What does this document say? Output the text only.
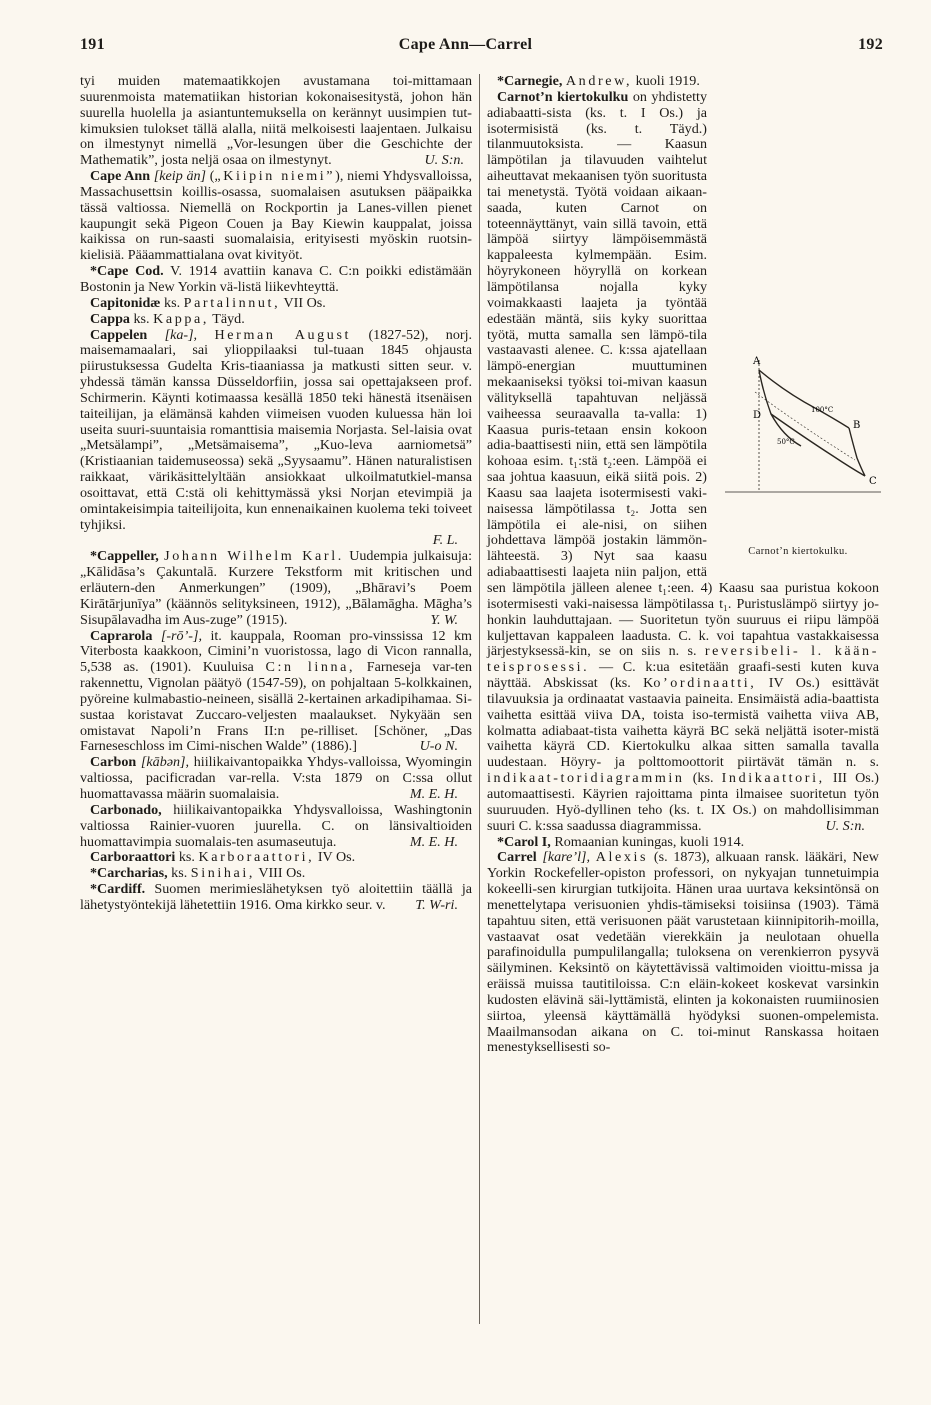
191	Cape Ann—Carrel	192

tyi muiden matemaatikkojen avustamana toi-mittamaan suurenmoista matematiikan historian kokonaisesitystä, johon hän suurella huolella ja asiantuntemuksella on kerännyt uusimpien tut-kimuksien tulokset tällä alalla, niitä melkoisesti laajentaen. Julkaisu on ilmestynyt nimellä „Vor-lesungen über die Geschichte der Mathematik”, josta neljä osaa on ilmestynyt.	U. S:n.

Cape Ann [keip än] („Kiipin niemi”), niemi Yhdysvalloissa, Massachusettsin koillis-osassa, suomalaisen asutuksen pääpaikka tässä valtiossa. Niemellä on Rockportin ja Lanes-villen pienet kaupungit sekä Pigeon Couen ja Bay Kiewin kauppalat, joissa kaikissa on run-saasti suomalaisia, erityisesti myöskin ruotsin-kielisiä. Pääammattialana ovat kivityöt.

*Cape Cod. V. 1914 avattiin kanava C. C:n poikki edistämään Bostonin ja New Yorkin vä-listä liikevhteyttä.

Capitonidæ ks. Partalinnut, VII Os.

Cappa ks. Kappa, Täyd.

Cappelen [ka-], Herman August (1827-52), norj. maisemamaalari, sai ylioppilaaksi tul-tuaan 1845 ohjausta piirustuksessa Gudelta Kris-tiaaniassa ja matkusti sitten seur. v. yhdessä tämän kanssa Düsseldorfiin, jossa sai opettajakseen prof. Schirmerin. Käynti kotimaassa kesällä 1850 teki hänestä itsenäisen taiteilijan, ja elämänsä kahden viimeisen vuoden kuluessa hän loi useita suuri-suuntaisia romanttisia maisemia Norjasta. Sel-laisia ovat „Metsälampi”, „Metsämaisema”, „Kuo-leva aarniometsä” (Kristiaanian taidemuseossa) sekä „Syysaamu”. Hänen naturalistisen raikkaat, värikäsittelyltään ansiokkaat ulkoilmatutkiel-mansa osoittavat, että C:stä oli kehittymässä yksi Norjan etevimpiä ja omintakeisimpia taiteilijoita, kun ennenaikainen kuolema teki toiveet tyhjiksi.

F. L.

*Cappeller, Johann Wilhelm Karl. Uudempia julkaisuja: „Kālidāsa’s Çakuntalā. Kurzere Tekstform mit kritischen und erläutern-den Anmerkungen” (1909), „Bhāravi’s Poem Kirātārjunīya” (käännös selityksineen, 1912), „Bālamāgha. Māgha’s Sisupālavadha im Aus-zuge” (1915).	Y. W.

Caprarola [-rō’-], it. kauppala, Rooman pro-vinssissa 12 km Viterbosta kaakkoon, Cimini’n vuoristossa, lago di Vicon rannalla, 5,538 as. (1901). Kuuluisa C:n linna, Farneseja var-ten rakennettu, Vignolan päätyö (1547-59), on pohjaltaan 5-kolkkainen, pyöreine kulmabastio-neineen, sisällä 2-kertainen arkadipihamaa. Si-sustaa koristavat Zuccaro-veljesten maalaukset. Nykyään sen omistavat Napoli’n Frans II:n pe-rilliset. [Schöner, „Das Farneseschloss im Cimi-nischen Walde” (1886).]	U-o N.

Carbon [kābən], hiilikaivantopaikka Yhdys-valloissa, Wyomingin valtiossa, pacificradan var-rella. V:sta 1879 on C:ssa ollut huomattavassa määrin suomalaisia.	M. E. H.

Carbonado, hiilikaivantopaikka Yhdysvalloissa, Washingtonin valtiossa Rainier-vuoren juurella. C. on länsivaltioiden huomattavimpia suomalais-ten asumaseutuja.	M. E. H.

Carboraattori ks. Karboraattori, IV Os.

*Carcharias, ks. Sinihai, VIII Os.

*Cardiff. Suomen merimieslähetyksen työ aloitettiin täällä ja lähetystyöntekijä lähetettiin 1916. Oma kirkko seur. v.	T. W-ri.

*Carnegie, Andrew, kuoli 1919.

A
B
C
D	100°C
50°C
Carnot’n kiertokulku.

Carnot’n kiertokulku on yhdistetty adiabaatti-sista (ks. t. I Os.) ja isotermisistä (ks. t. Täyd.) tilanmuutoksista. — Kaasun lämpötilan ja tilavuuden vaihtelut aiheuttavat mekaanisen työn suoritusta tai menetystä. Työtä voidaan aikaan-saada, kuten Carnot on toteennäyttänyt, vain sillä tavoin, että lämpöä siirtyy lämpöisemmästä kappaleesta kylmempään. Esim. höyrykoneen höyryllä on korkean lämpötilansa nojalla kyky voimakkaasti laajeta ja työntää edestään mäntä, siis kyky suorittaa työtä, mutta samalla sen lämpö-tila vastaavasti alenee. C. k:ssa ajatellaan lämpö-energian muuttuminen mekaaniseksi työksi toi-mivan kaasun välityksellä tapahtuvan neljässä vaiheessa seuraavalla ta-valla: 1) Kaasua puris-tetaan ensin kokoon adia-baattisesti niin, että sen lämpötila kohoaa esim. t₁:stä t₂:een. Lämpöä ei saa johtua kaasuun, eikä siitä pois. 2) Kaasu saa laajeta isotermisesti vaki-naisessa lämpötilassa t₂. Jotta sen lämpötila ei ale-nisi, on siihen johdettava lämpöä jostakin lämmön-lähteestä. 3) Nyt saa kaasu adiabaattisesti laajeta niin paljon, että sen lämpötila jälleen alenee t₁:een. 4) Kaasu saa puristua kokoon isotermisesti vaki-naisessa lämpötilassa t₁. Puristuslämpö siirtyy jo-honkin lauhduttajaan. — Suoritetun työn suuruus ei riipu lämpöä kuljettavan kappaleen laadusta. C. k. voi tapahtua vastakkaisessa järjestyksessä-kin, se on siis n. s. reversibeli- l. kään-teisprosessi. — C. k:ua esitetään graafi-sesti kuten kuva näyttää. Abskissat (ks. Ko’ordinaatti, IV Os.) esittävät tilavuuksia ja ordinaatat vastaavia paineita. Ensimäistä adia-baattista vaihetta esittää viiva DA, toista iso-termistä vaihetta viiva AB, kolmatta adiabaat-tista vaihetta käyrä BC sekä neljättä isoter-mistä vaihetta käyrä CD. Kiertokulku alkaa sitten samalla tavalla uudestaan. Höyry- ja polttomoottorit piirtävät tämän n. s. indikaat-toridiagrammin (ks. Indikaattori, III Os.) automaattisesti. Käyrien rajoittama pinta ilmaisee suoritetun työn suuruuden. Hyö-dyllinen teho (ks. t. IX Os.) on mahdollisimman suuri C. k:ssa saadussa diagrammissa.	U. S:n.

*Carol I, Romaanian kuningas, kuoli 1914.

Carrel [kare’l], Alexis (s. 1873), alkuaan ransk. lääkäri, New Yorkin Rockefeller-opiston professori, on nykyajan tunnetuimpia kokeelli-sen kirurgian tutkijoita. Hänen uraa uurtava keksintönsä on menettelytapa verisuonien yhdis-tämiseksi toisiinsa (1903). Tämä tapahtuu siten, että verisuonen päät varustetaan kiinnipitorih-moilla, vastaavat osat vedetään vierekkäin ja neulotaan ohuella parafinoidulla pumpulilangalla; tuloksena on verenkierron pysyvä säilyminen. Keksintö on käytettävissä valtimoiden vioittu-missa ja eräissä muissa tautitiloissa. C:n eläin-kokeet koskevat varsinkin kudosten elävinä säi-lyttämistä, elinten ja kokonaisten ruumiinosien siirtoa, yleensä käyttämällä hyödyksi suonen-ompelemista. Maailmansodan aikana on C. toi-minut Ranskassa hoitaen menestyksellisesti so-
